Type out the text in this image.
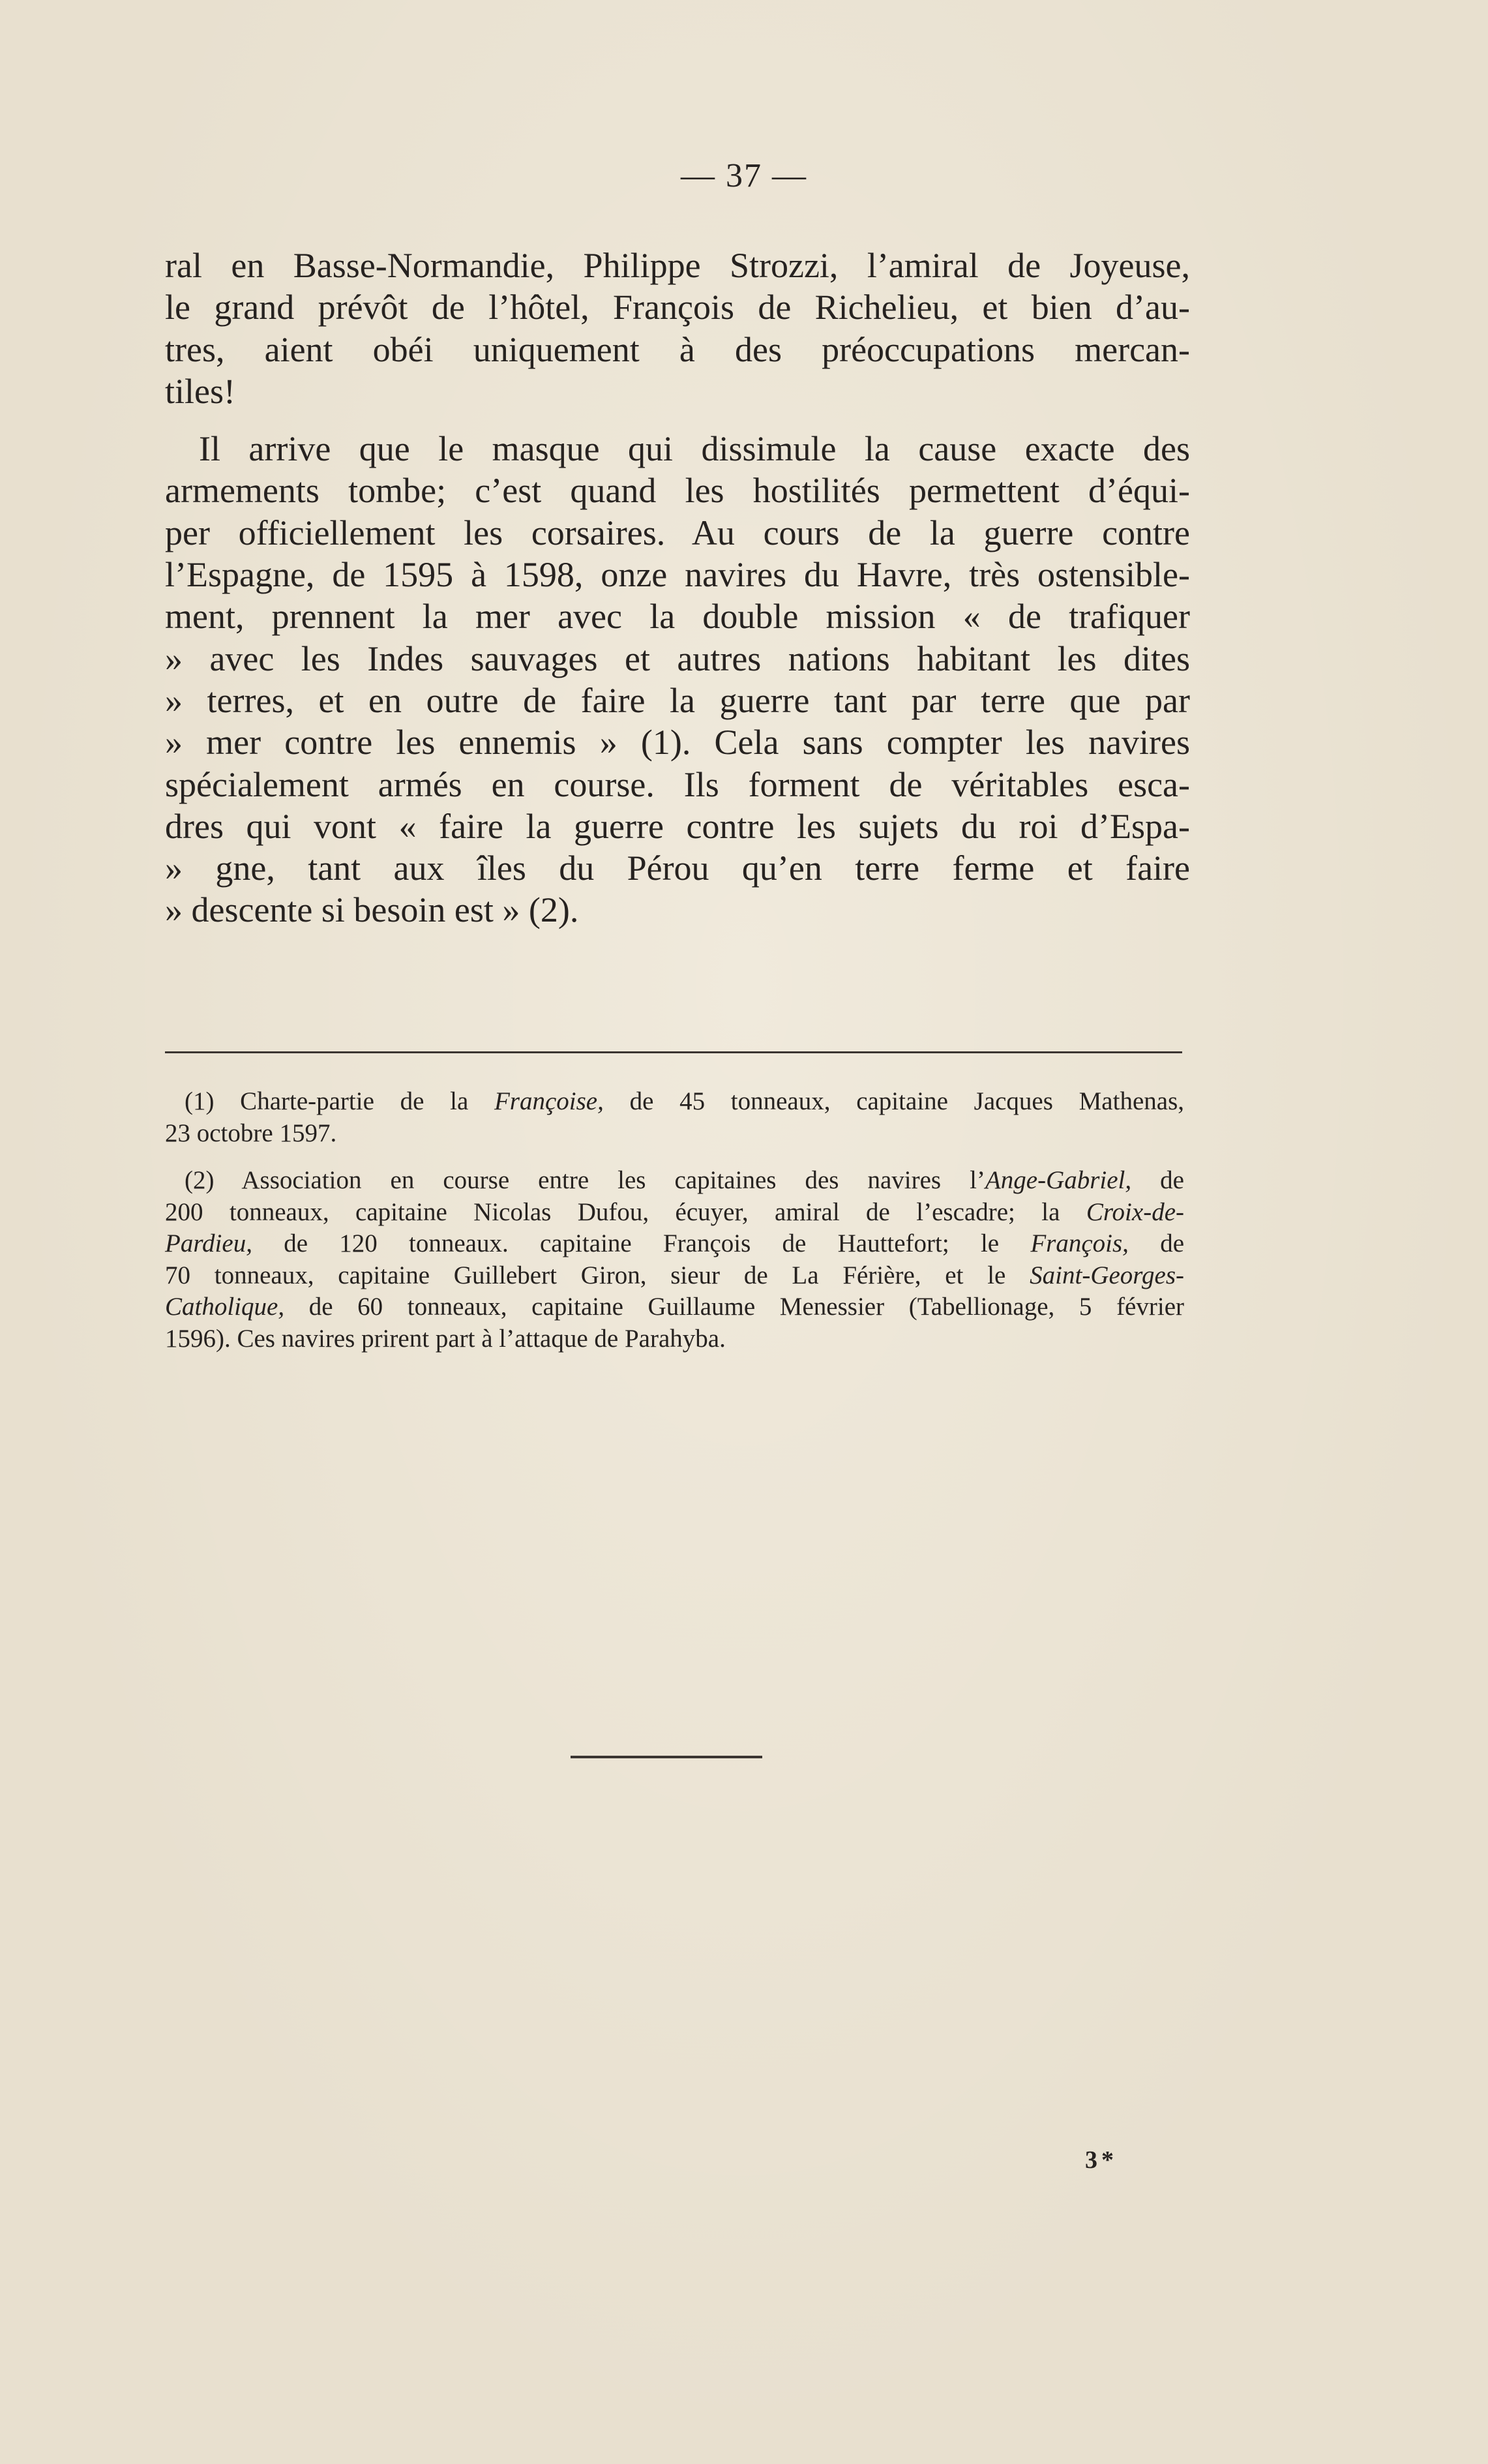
— 37 —

ral en Basse-Normandie, Philippe Strozzi, l’amiral de Joyeuse,
le grand prévôt de l’hôtel, François de Richelieu, et bien d’au-
tres, aient obéi uniquement à des préoccupations mercan-
tiles!

Il arrive que le masque qui dissimule la cause exacte des
armements tombe; c’est quand les hostilités permettent d’équi-
per officiellement les corsaires. Au cours de la guerre contre
l’Espagne, de 1595 à 1598, onze navires du Havre, très ostensible-
ment, prennent la mer avec la double mission « de trafiquer
» avec les Indes sauvages et autres nations habitant les dites
» terres, et en outre de faire la guerre tant par terre que par
» mer contre les ennemis » (1). Cela sans compter les navires
spécialement armés en course. Ils forment de véritables esca-
dres qui vont « faire la guerre contre les sujets du roi d’Espa-
» gne, tant aux îles du Pérou qu’en terre ferme et faire
» descente si besoin est » (2).

(1) Charte-partie de la Françoise, de 45 tonneaux, capitaine Jacques Mathenas,
23 octobre 1597.

(2) Association en course entre les capitaines des navires l’Ange-Gabriel, de
200 tonneaux, capitaine Nicolas Dufou, écuyer, amiral de l’escadre; la Croix-de-
Pardieu, de 120 tonneaux. capitaine François de Hauttefort; le François, de
70 tonneaux, capitaine Guillebert Giron, sieur de La Férière, et le Saint-Georges-
Catholique, de 60 tonneaux, capitaine Guillaume Menessier (Tabellionage, 5 février
1596). Ces navires prirent part à l’attaque de Parahyba.

3*
